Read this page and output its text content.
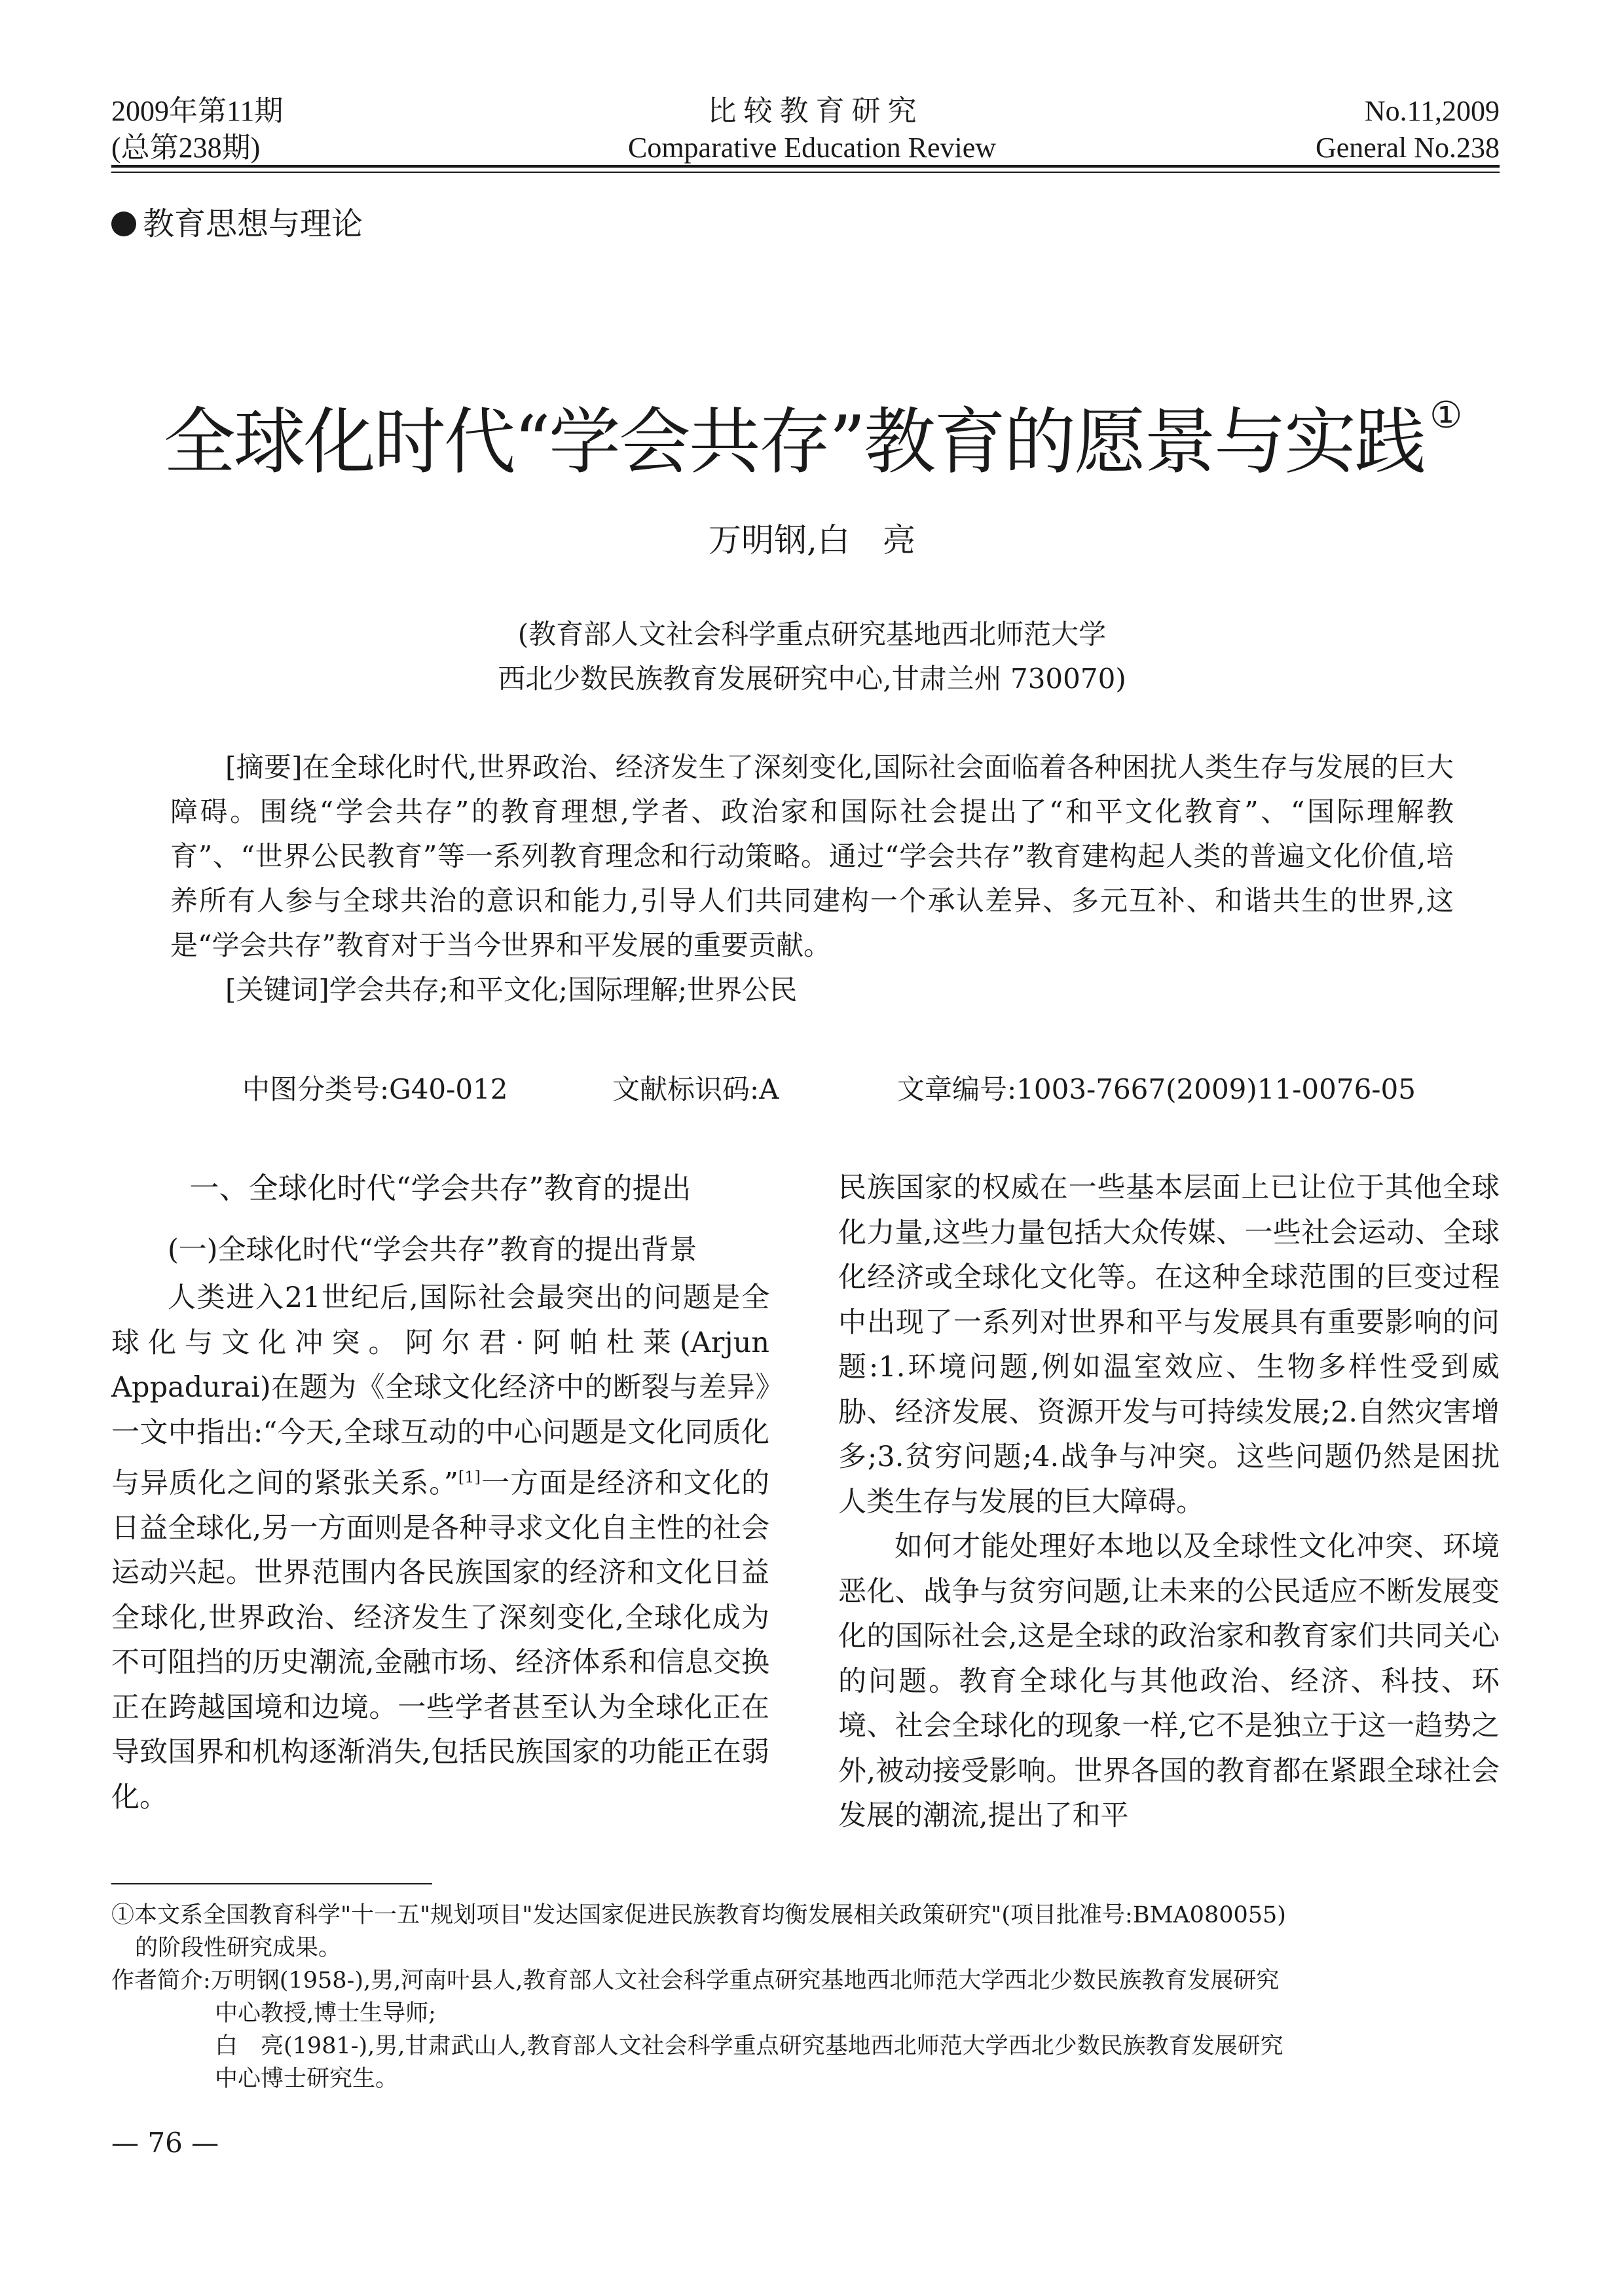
2009年第11期
(总第238期)
比 较 教 育 研 究
Comparative Education Review
No.11,2009
General No.238
教育思想与理论
全球化时代“学会共存”教育的愿景与实践 ①
万明钢,白　亮
(教育部人文社会科学重点研究基地西北师范大学
西北少数民族教育发展研究中心,甘肃兰州 730070)

[摘要]在全球化时代,世界政治、经济发生了深刻变化,国际社会面临着各种困扰人类生存与发展的巨大障碍。围绕“学会共存”的教育理想,学者、政治家和国际社会提出了“和平文化教育”、“国际理解教育”、“世界公民教育”等一系列教育理念和行动策略。通过“学会共存”教育建构起人类的普遍文化价值,培养所有人参与全球共治的意识和能力,引导人们共同建构一个承认差异、多元互补、和谐共生的世界,这是“学会共存”教育对于当今世界和平发展的重要贡献。

[关键词]学会共存;和平文化;国际理解;世界公民

中图分类号:G40-012	文献标识码:A	文章编号:1003-7667(2009)11-0076-05
一、全球化时代“学会共存”教育的提出
(一)全球化时代“学会共存”教育的提出背景

人类进入21世纪后,国际社会最突出的问题是全球化与文化冲突。阿尔君·阿帕杜莱(Arjun Appadurai)在题为《全球文化经济中的断裂与差异》一文中指出:“今天,全球互动的中心问题是文化同质化与异质化之间的紧张关系。”[1]一方面是经济和文化的日益全球化,另一方面则是各种寻求文化自主性的社会运动兴起。世界范围内各民族国家的经济和文化日益全球化,世界政治、经济发生了深刻变化,全球化成为不可阻挡的历史潮流,金融市场、经济体系和信息交换正在跨越国境和边境。一些学者甚至认为全球化正在导致国界和机构逐渐消失,包括民族国家的功能正在弱化。

民族国家的权威在一些基本层面上已让位于其他全球化力量,这些力量包括大众传媒、一些社会运动、全球化经济或全球化文化等。在这种全球范围的巨变过程中出现了一系列对世界和平与发展具有重要影响的问题:1.环境问题,例如温室效应、生物多样性受到威胁、经济发展、资源开发与可持续发展;2.自然灾害增多;3.贫穷问题;4.战争与冲突。这些问题仍然是困扰人类生存与发展的巨大障碍。

如何才能处理好本地以及全球性文化冲突、环境恶化、战争与贫穷问题,让未来的公民适应不断发展变化的国际社会,这是全球的政治家和教育家们共同关心的问题。教育全球化与其他政治、经济、科技、环境、社会全球化的现象一样,它不是独立于这一趋势之外,被动接受影响。世界各国的教育都在紧跟全球社会发展的潮流,提出了和平

①本文系全国教育科学"十一五"规划项目"发达国家促进民族教育均衡发展相关政策研究"(项目批准号:BMA080055)

的阶段性研究成果。

作者简介:万明钢(1958-),男,河南叶县人,教育部人文社会科学重点研究基地西北师范大学西北少数民族教育发展研究

中心教授,博士生导师;

白　亮(1981-),男,甘肃武山人,教育部人文社会科学重点研究基地西北师范大学西北少数民族教育发展研究

中心博士研究生。

— 76 —
